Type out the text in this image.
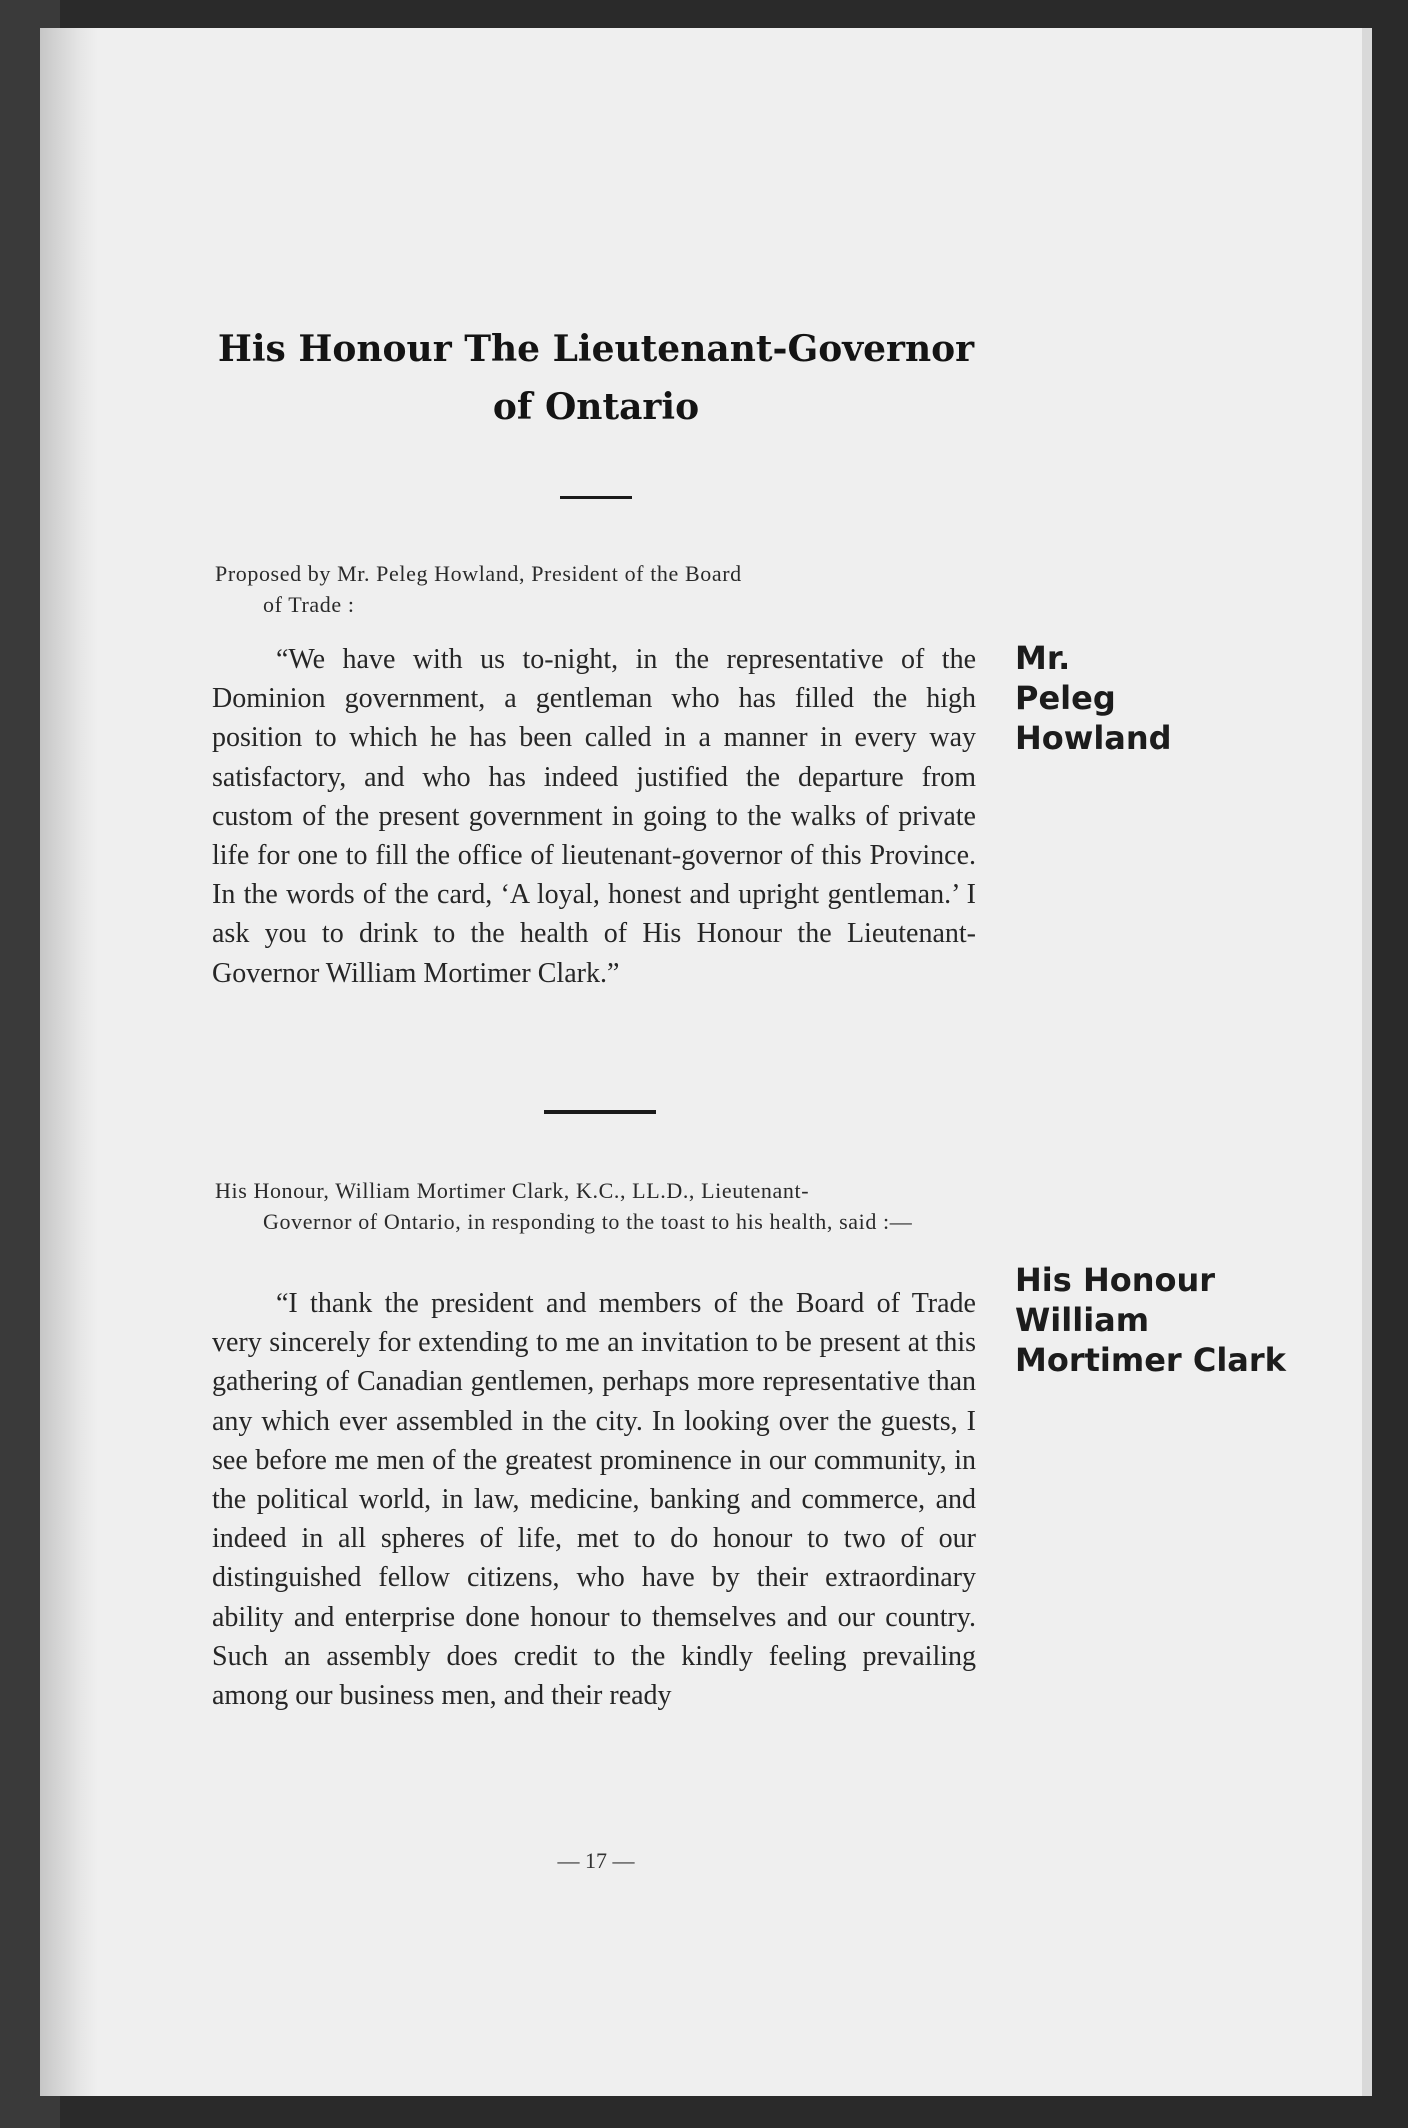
His Honour The Lieutenant-Governor
of Ontario
Proposed by Mr. Peleg Howland, President of the Board
of Trade :
“We have with us to-night, in the representative of the Dominion government, a gentleman who has filled the high position to which he has been called in a manner in every way satisfactory, and who has indeed justified the departure from custom of the present government in going to the walks of private life for one to fill the office of lieutenant-governor of this Province. In the words of the card, ‘A loyal, honest and upright gentleman.’ I ask you to drink to the health of His Honour the Lieutenant-Governor William Mortimer Clark.”
Mr.
Peleg
Howland
His Honour, William Mortimer Clark, K.C., LL.D., Lieutenant-
Governor of Ontario, in responding to the toast to his health, said :—
“I thank the president and members of the Board of Trade very sincerely for extending to me an invitation to be present at this gathering of Canadian gentlemen, perhaps more representative than any which ever assembled in the city. In looking over the guests, I see before me men of the greatest prominence in our community, in the political world, in law, medicine, banking and commerce, and indeed in all spheres of life, met to do honour to two of our distinguished fellow citizens, who have by their extraordinary ability and enterprise done honour to themselves and our country. Such an assembly does credit to the kindly feeling prevailing among our business men, and their ready
His Honour
William
Mortimer Clark
— 17 —
